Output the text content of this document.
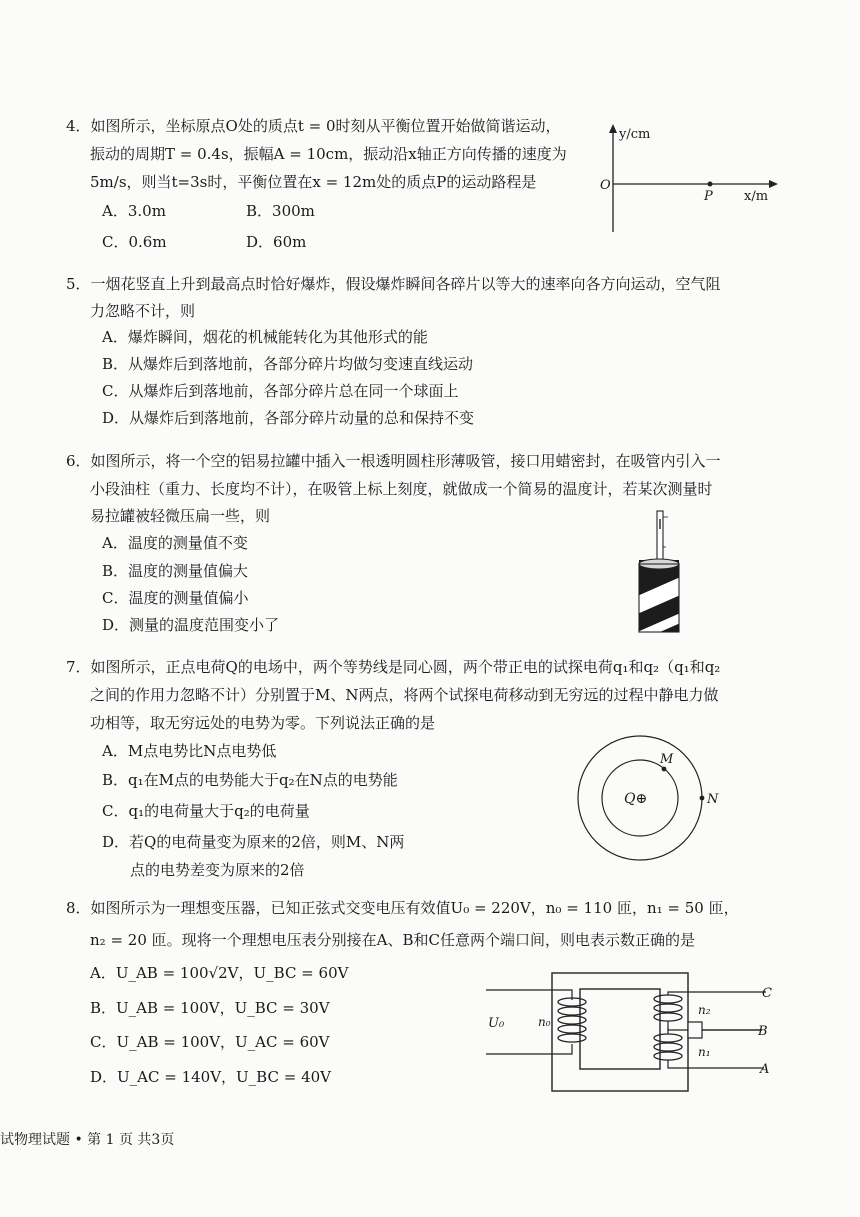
4．如图所示，坐标原点O处的质点t = 0时刻从平衡位置开始做简谐运动，
振动的周期T = 0.4s，振幅A = 10cm，振动沿x轴正方向传播的速度为
5m/s，则当t=3s时，平衡位置在x = 12m处的质点P的运动路程是
A．3.0m	B．300m
C．0.6m	D．60m
y/cm
O
P x/m
5．一烟花竖直上升到最高点时恰好爆炸，假设爆炸瞬间各碎片以等大的速率向各方向运动，空气阻
力忽略不计，则
A．爆炸瞬间，烟花的机械能转化为其他形式的能
B．从爆炸后到落地前，各部分碎片均做匀变速直线运动
C．从爆炸后到落地前，各部分碎片总在同一个球面上
D．从爆炸后到落地前，各部分碎片动量的总和保持不变
6．如图所示，将一个空的铝易拉罐中插入一根透明圆柱形薄吸管，接口用蜡密封，在吸管内引入一
小段油柱（重力、长度均不计），在吸管上标上刻度，就做成一个简易的温度计，若某次测量时
易拉罐被轻微压扁一些，则
A．温度的测量值不变
B．温度的测量值偏大
C．温度的测量值偏小
D．测量的温度范围变小了
7．如图所示，正点电荷Q的电场中，两个等势线是同心圆，两个带正电的试探电荷q₁和q₂（q₁和q₂
之间的作用力忽略不计）分别置于M、N两点，将两个试探电荷移动到无穷远的过程中静电力做
功相等，取无穷远处的电势为零。下列说法正确的是
A．M点电势比N点电势低
B．q₁在M点的电势能大于q₂在N点的电势能
C．q₁的电荷量大于q₂的电荷量
D．若Q的电荷量变为原来的2倍，则M、N两
点的电势差变为原来的2倍
M
N
Q⊕
8．如图所示为一理想变压器，已知正弦式交变电压有效值U₀ = 220V，n₀ = 110 匝，n₁ = 50 匝，
n₂ = 20 匝。现将一个理想电压表分别接在A、B和C任意两个端口间，则电表示数正确的是
A．U_AB = 100√2V，U_BC = 60V
B．U_AB = 100V，U_BC = 30V
C．U_AB = 100V，U_AC = 60V
D．U_AC = 140V，U_BC = 40V
U₀	n₀
n₂
n₁
C
B
A
试物理试题 • 第 1 页 共3页
